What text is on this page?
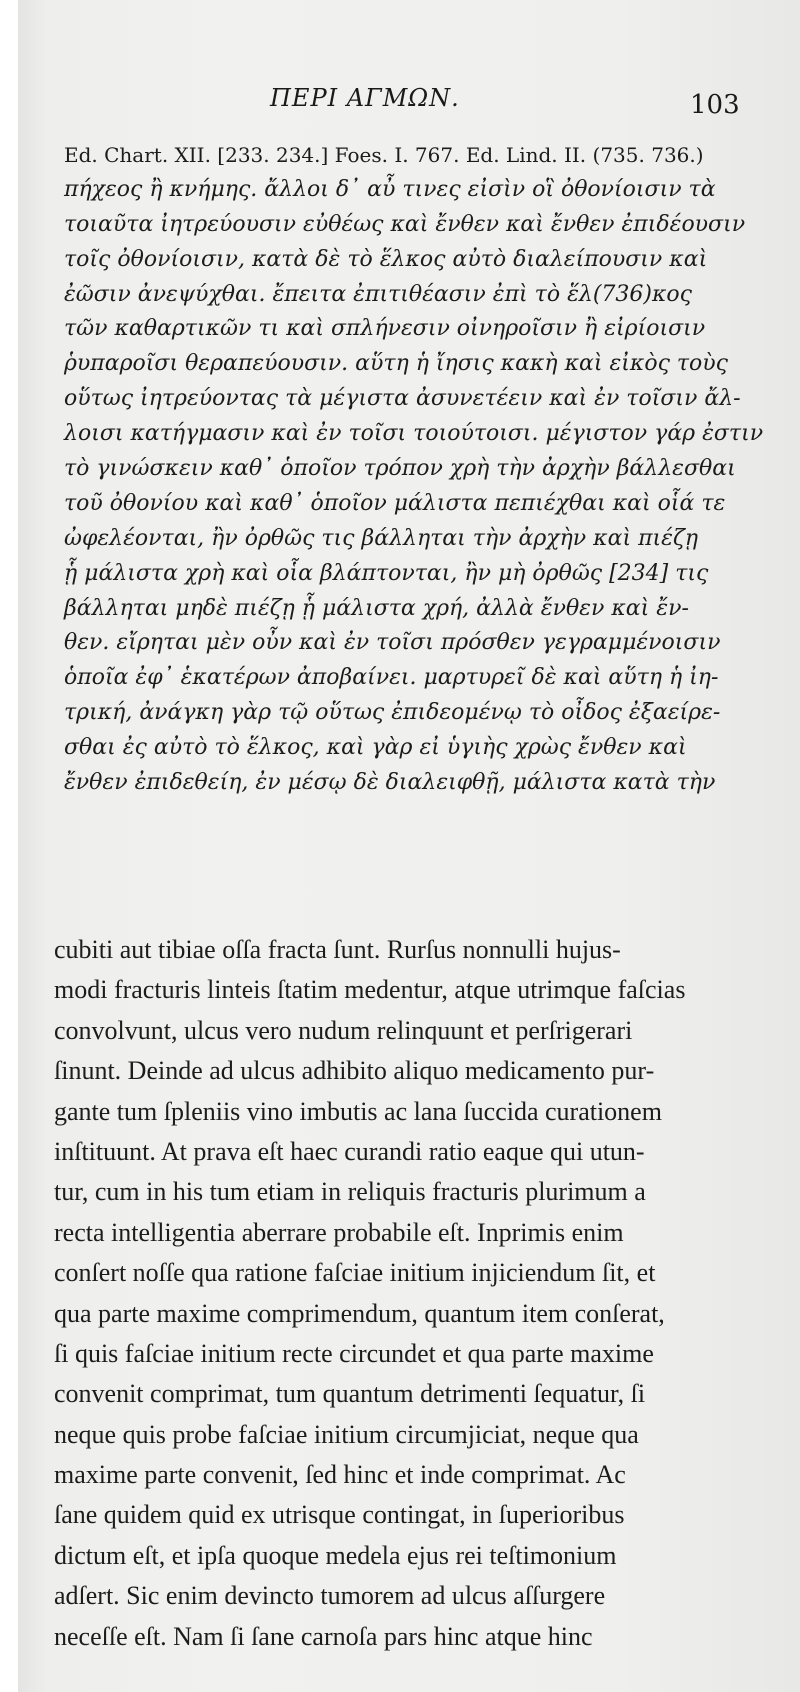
ΠΕΡΙ ΑΓΜΩΝ.	103
Ed. Chart. XII. [233. 234.] Foes. I. 767. Ed. Lind. II. (735. 736.)
πήχεος ἢ κνήμης. ἄλλοι δ᾽ αὖ τινες εἰσὶν οἳ ὀθονίοισιν τὰ
τοιαῦτα ἰητρεύουσιν εὐθέως καὶ ἔνθεν καὶ ἔνθεν ἐπιδέουσιν
τοῖς ὀθονίοισιν, κατὰ δὲ τὸ ἕλκος αὐτὸ διαλείπουσιν καὶ
ἐῶσιν ἀνεψύχθαι. ἔπειτα ἐπιτιθέασιν ἐπὶ τὸ ἕλ(736)κος
τῶν καθαρτικῶν τι καὶ σπλήνεσιν οἰνηροῖσιν ἢ εἰρίοισιν
ῥυπαροῖσι θεραπεύουσιν. αὕτη ἡ ἴησις κακὴ καὶ εἰκὸς τοὺς
οὕτως ἰητρεύοντας τὰ μέγιστα ἀσυνετέειν καὶ ἐν τοῖσιν ἄλ-
λοισι κατήγμασιν καὶ ἐν τοῖσι τοιούτοισι. μέγιστον γάρ ἐστιν
τὸ γινώσκειν καθ᾽ ὁποῖον τρόπον χρὴ τὴν ἀρχὴν βάλλεσθαι
τοῦ ὀθονίου καὶ καθ᾽ ὁποῖον μάλιστα πεπιέχθαι καὶ οἷά τε
ὠφελέονται, ἢν ὀρθῶς τις βάλληται τὴν ἀρχὴν καὶ πιέζῃ
ᾗ μάλιστα χρὴ καὶ οἷα βλάπτονται, ἢν μὴ ὀρθῶς [234] τις
βάλληται μηδὲ πιέζῃ ᾗ μάλιστα χρή, ἀλλὰ ἔνθεν καὶ ἔν-
θεν. εἴρηται μὲν οὖν καὶ ἐν τοῖσι πρόσθεν γεγραμμένοισιν
ὁποῖα ἐφ᾽ ἑκατέρων ἀποβαίνει. μαρτυρεῖ δὲ καὶ αὕτη ἡ ἰη-
τρική, ἀνάγκη γὰρ τῷ οὕτως ἐπιδεομένῳ τὸ οἶδος ἐξαείρε-
σθαι ἐς αὐτὸ τὸ ἕλκος, καὶ γὰρ εἰ ὑγιὴς χρὼς ἔνθεν καὶ
ἔνθεν ἐπιδεθείη, ἐν μέσῳ δὲ διαλειφθῇ, μάλιστα κατὰ τὴν
cubiti aut tibiae oſſa fracta ſunt. Rurſus nonnulli hujus-
modi fracturis linteis ſtatim medentur, atque utrimque faſcias
convolvunt, ulcus vero nudum relinquunt et perſrigerari
ſinunt. Deinde ad ulcus adhibito aliquo medicamento pur-
gante tum ſpleniis vino imbutis ac lana ſuccida curationem
inſtituunt. At prava eſt haec curandi ratio eaque qui utun-
tur, cum in his tum etiam in reliquis fracturis plurimum a
recta intelligentia aberrare probabile eſt. Inprimis enim
conſert noſſe qua ratione faſciae initium injiciendum ſit, et
qua parte maxime comprimendum, quantum item conſerat,
ſi quis faſciae initium recte circundet et qua parte maxime
convenit comprimat, tum quantum detrimenti ſequatur, ſi
neque quis probe faſciae initium circumjiciat, neque qua
maxime parte convenit, ſed hinc et inde comprimat. Ac
ſane quidem quid ex utrisque contingat, in ſuperioribus
dictum eſt, et ipſa quoque medela ejus rei teſtimonium
adſert. Sic enim devincto tumorem ad ulcus aſſurgere
neceſſe eſt. Nam ſi ſane carnoſa pars hinc atque hinc
